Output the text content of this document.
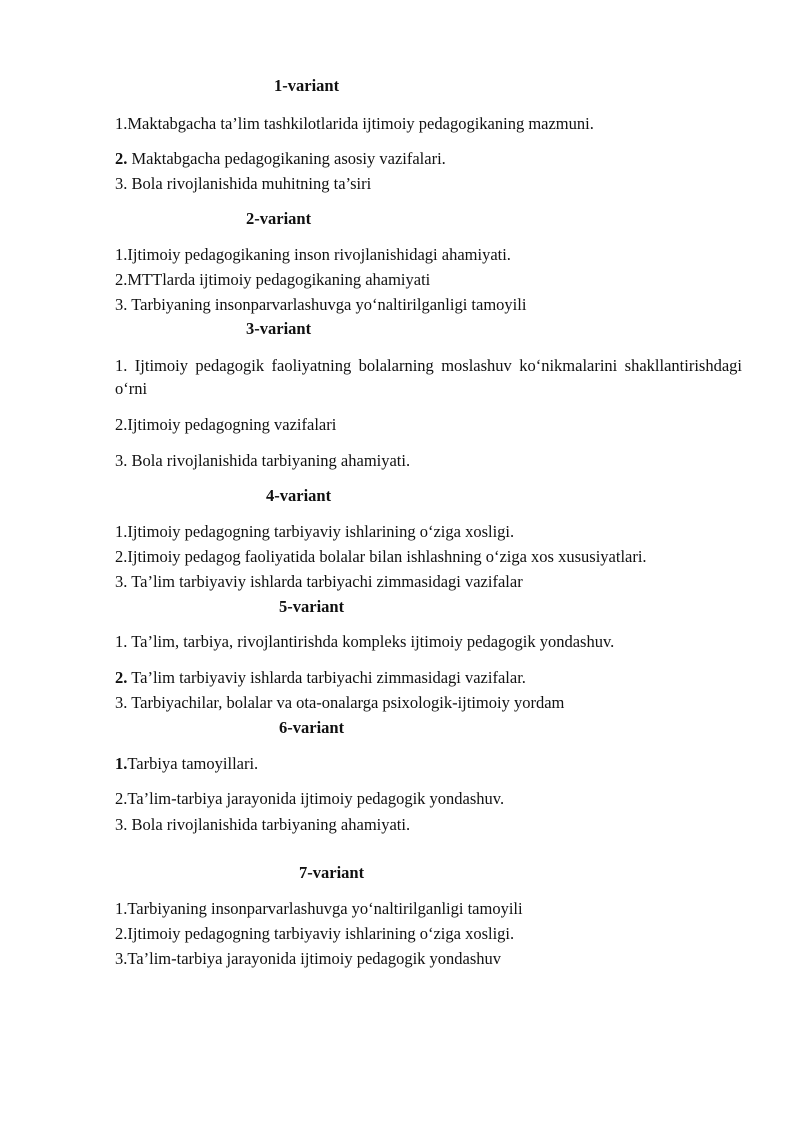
1-variant

1.Maktabgacha ta’lim tashkilotlarida ijtimoiy pedagogikaning mazmuni.

2. Maktabgacha pedagogikaning asosiy vazifalari.

3. Bola rivojlanishida muhitning ta’siri

2-variant

1.Ijtimoiy pedagogikaning inson rivojlanishidagi ahamiyati.

2.MTTlarda ijtimoiy pedagogikaning ahamiyati

3. Tarbiyaning insonparvarlashuvga yo‘naltirilganligi tamoyili

3-variant

1. Ijtimoiy pedagogik faoliyatning bolalarning moslashuv ko‘nikmalarini shakllantirishdagi o‘rni

2.Ijtimoiy pedagogning vazifalari

3. Bola rivojlanishida tarbiyaning ahamiyati.

4-variant

1.Ijtimoiy pedagogning tarbiyaviy ishlarining o‘ziga xosligi.

2.Ijtimoiy pedagog faoliyatida bolalar bilan ishlashning o‘ziga xos xususiyatlari.

3. Ta’lim tarbiyaviy ishlarda tarbiyachi zimmasidagi vazifalar

5-variant

1. Ta’lim, tarbiya, rivojlantirishda kompleks ijtimoiy pedagogik yondashuv.

2. Ta’lim tarbiyaviy ishlarda tarbiyachi zimmasidagi vazifalar.

3. Tarbiyachilar, bolalar va ota-onalarga psixologik-ijtimoiy yordam

6-variant

1.Tarbiya tamoyillari.

2.Ta’lim-tarbiya jarayonida ijtimoiy pedagogik yondashuv.

3. Bola rivojlanishida tarbiyaning ahamiyati.

7-variant

1.Tarbiyaning insonparvarlashuvga yo‘naltirilganligi tamoyili

2.Ijtimoiy pedagogning tarbiyaviy ishlarining o‘ziga xosligi.

3.Ta’lim-tarbiya jarayonida ijtimoiy pedagogik yondashuv
